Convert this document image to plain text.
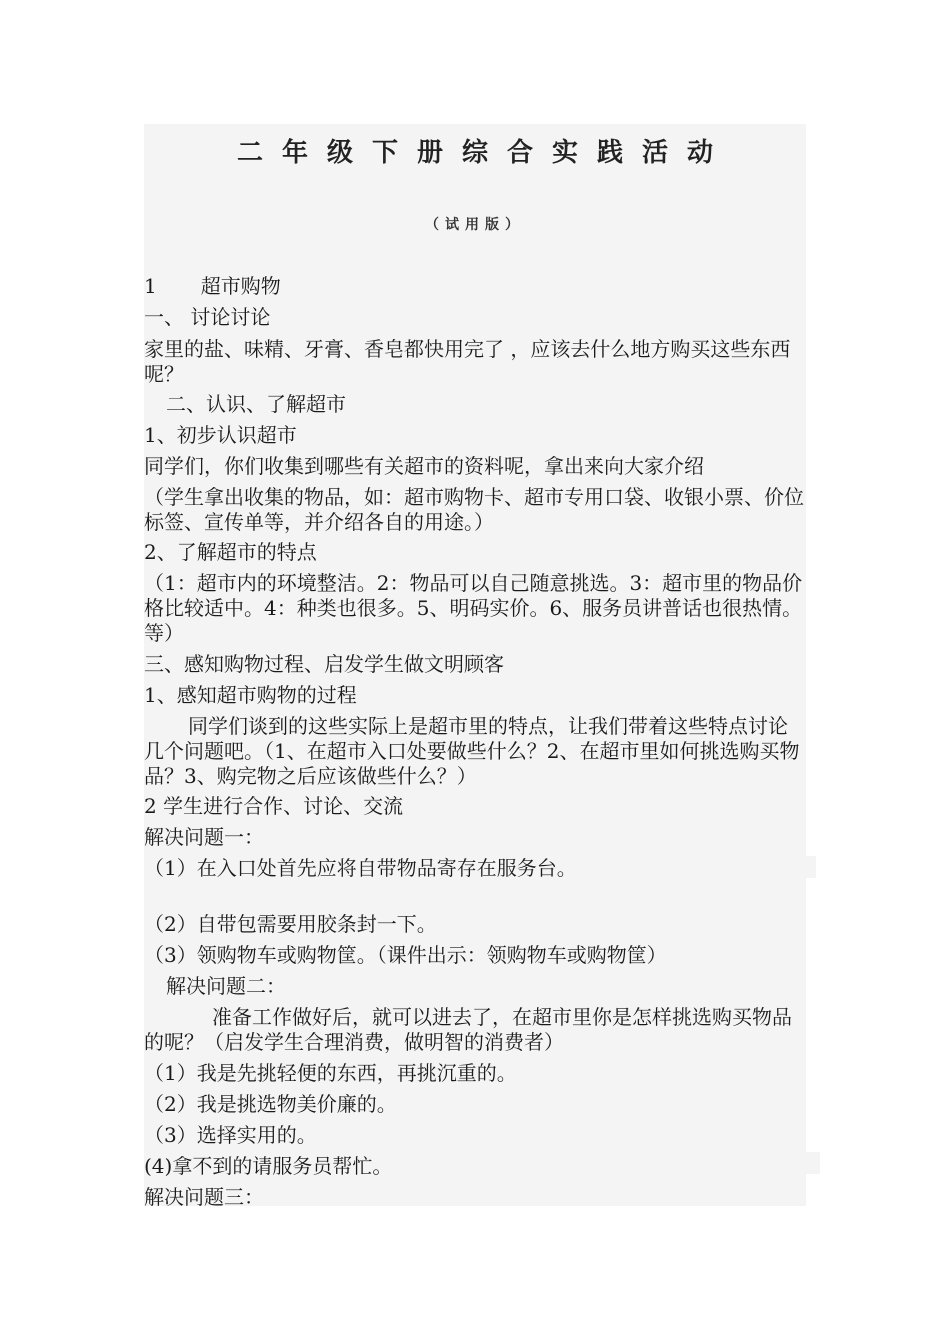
二年级下册综合实践活动
（试用版）
1 超市购物
一、 讨论讨论
家里的盐、味精、牙膏、香皂都快用完了 ，应该去什么地方购买这些东西呢？
二、认识、了解超市
1、初步认识超市
同学们，你们收集到哪些有关超市的资料呢，拿出来向大家介绍
（学生拿出收集的物品，如：超市购物卡、超市专用口袋、收银小票、价位标签、宣传单等，并介绍各自的用途。）
2、了解超市的特点
（1：超市内的环境整洁。2：物品可以自己随意挑选。3：超市里的物品价格比较适中。4：种类也很多。5、明码实价。6、服务员讲普话也很热情。等）
三、感知购物过程、启发学生做文明顾客
1、感知超市购物的过程
同学们谈到的这些实际上是超市里的特点，让我们带着这些特点讨论几个问题吧。（1、在超市入口处要做些什么？2、在超市里如何挑选购买物品？3、购完物之后应该做些什么？）
2 学生进行合作、讨论、交流
解决问题一：
（1）在入口处首先应将自带物品寄存在服务台。
（2）自带包需要用胶条封一下。
（3）领购物车或购物筐。（课件出示：领购物车或购物筐）
解决问题二：
准备工作做好后，就可以进去了，在超市里你是怎样挑选购买物品的呢？（启发学生合理消费，做明智的消费者）
（1）我是先挑轻便的东西，再挑沉重的。
（2）我是挑选物美价廉的。
（3）选择实用的。
(4)拿不到的请服务员帮忙。
解决问题三：
